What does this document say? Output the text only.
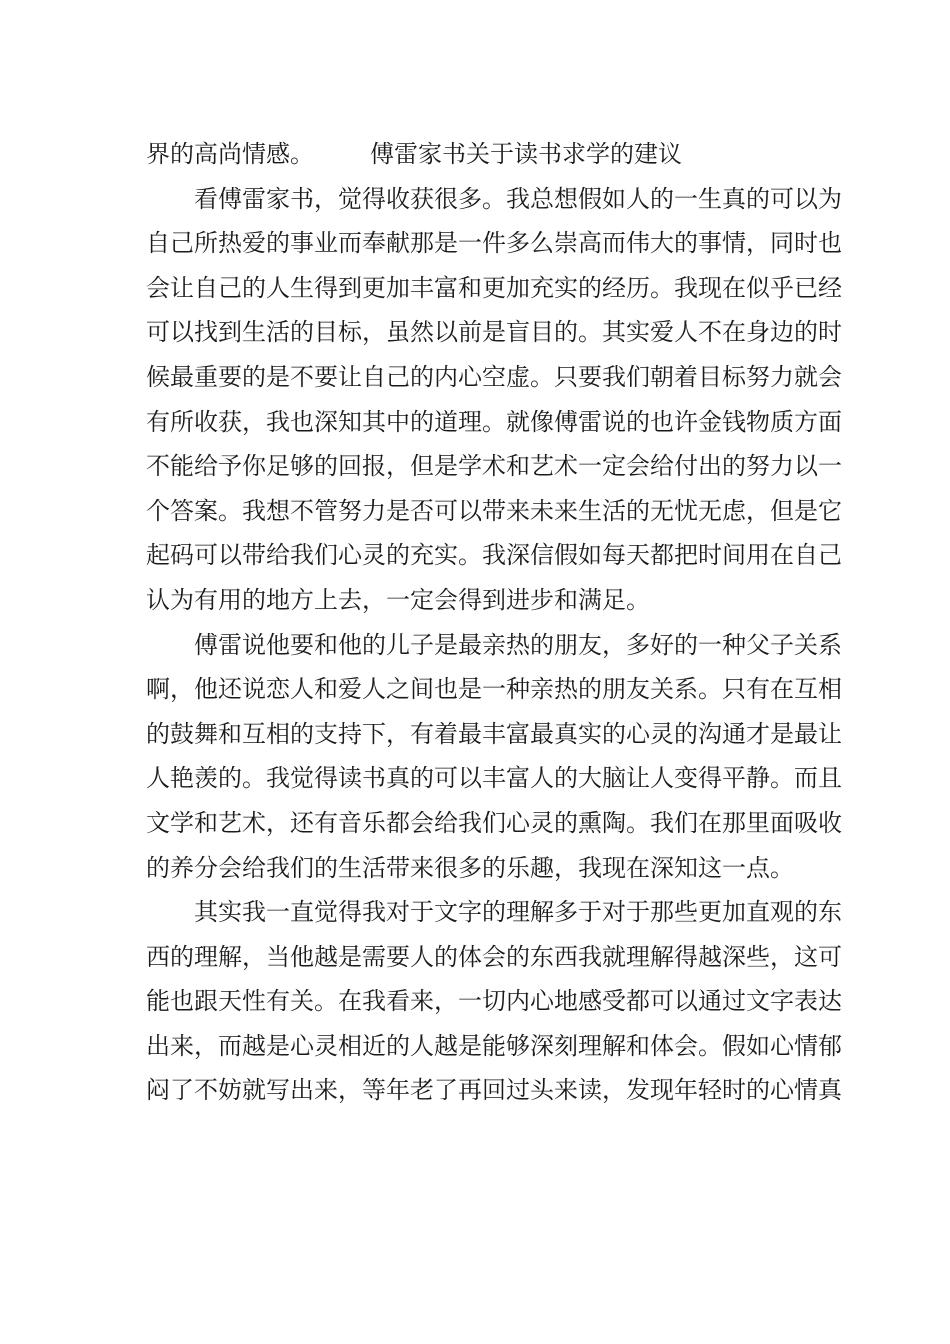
界的高尚情感。 傅雷家书关于读书求学的建议
看傅雷家书，觉得收获很多。我总想假如人的一生真的可以为
自己所热爱的事业而奉献那是一件多么崇高而伟大的事情，同时也
会让自己的人生得到更加丰富和更加充实的经历。我现在似乎已经
可以找到生活的目标，虽然以前是盲目的。其实爱人不在身边的时
候最重要的是不要让自己的内心空虚。只要我们朝着目标努力就会
有所收获，我也深知其中的道理。就像傅雷说的也许金钱物质方面
不能给予你足够的回报，但是学术和艺术一定会给付出的努力以一
个答案。我想不管努力是否可以带来未来生活的无忧无虑，但是它
起码可以带给我们心灵的充实。我深信假如每天都把时间用在自己
认为有用的地方上去，一定会得到进步和满足。
傅雷说他要和他的儿子是最亲热的朋友，多好的一种父子关系
啊，他还说恋人和爱人之间也是一种亲热的朋友关系。只有在互相
的鼓舞和互相的支持下，有着最丰富最真实的心灵的沟通才是最让
人艳羡的。我觉得读书真的可以丰富人的大脑让人变得平静。而且
文学和艺术，还有音乐都会给我们心灵的熏陶。我们在那里面吸收
的养分会给我们的生活带来很多的乐趣，我现在深知这一点。
其实我一直觉得我对于文字的理解多于对于那些更加直观的东
西的理解，当他越是需要人的体会的东西我就理解得越深些，这可
能也跟天性有关。在我看来，一切内心地感受都可以通过文字表达
出来，而越是心灵相近的人越是能够深刻理解和体会。假如心情郁
闷了不妨就写出来，等年老了再回过头来读，发现年轻时的心情真
